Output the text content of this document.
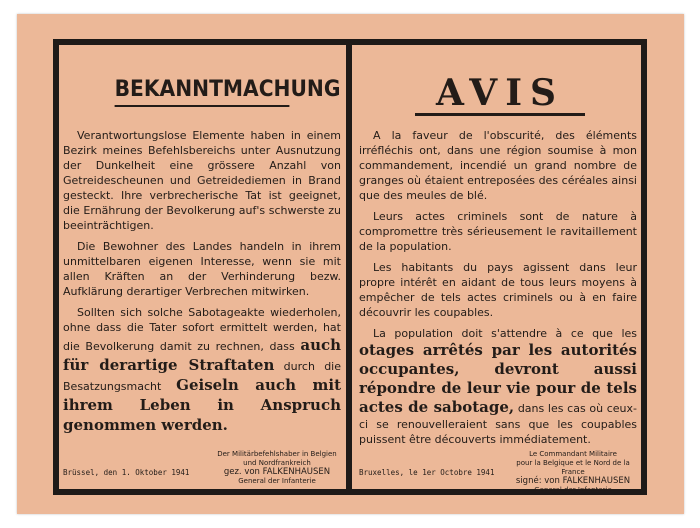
BEKANNTMACHUNG

Verantwortungslose Elemente haben in einem Bezirk meines Befehlsbereichs unter Ausnutzung der Dunkelheit eine grössere Anzahl von Getreidescheunen und Getreidediemen in Brand gesteckt. Ihre verbrecherische Tat ist geeignet, die Ernährung der Bevolkerung auf's schwerste zu beeinträchtigen.

Die Bewohner des Landes handeln in ihrem unmittelbaren eigenen Interesse, wenn sie mit allen Kräften an der Verhinderung bezw. Aufklärung derartiger Verbrechen mitwirken.

Sollten sich solche Sabotageakte wiederholen, ohne dass die Tater sofort ermittelt werden, hat die Bevolkerung damit zu rechnen, dass auch für derartige Straftaten durch die Besatzungsmacht Geiseln auch mit ihrem Leben in Anspruch genommen werden.

Brüssel, den 1. Oktober 1941
Der Militärbefehlshaber in Belgien
und Nordfrankreich
gez. von FALKENHAUSEN
General der Infanterie
AVIS

A la faveur de l'obscurité, des éléments irréfléchis ont, dans une région soumise à mon commandement, incendié un grand nombre de granges où étaient entreposées des céréales ainsi que des meules de blé.

Leurs actes criminels sont de nature à compromettre très sérieusement le ravitaillement de la population.

Les habitants du pays agissent dans leur propre intérêt en aidant de tous leurs moyens à empêcher de tels actes criminels ou à en faire découvrir les coupables.

La population doit s'attendre à ce que les otages arrêtés par les autorités occupantes, devront aussi répondre de leur vie pour de tels actes de sabotage, dans les cas où ceux-ci se renouvelleraient sans que les coupables puissent être découverts immédiatement.

Bruxelles, le 1er Octobre 1941
Le Commandant Militaire
pour la Belgique et le Nord de la France
signé: von FALKENHAUSEN
General der Infanterie
